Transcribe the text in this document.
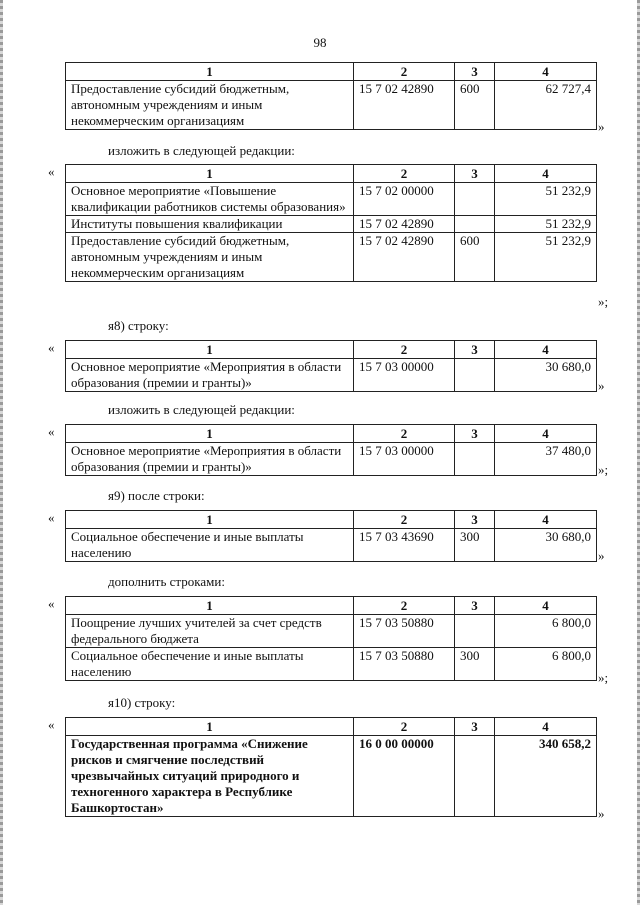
98
1	2	3	4
Предоставление субсидий бюджетным, автономным учреждениям и иным некоммерческим организациям	15 7 02 42890	600	62 727,4
»
изложить в следующей редакции:
«	1	2	3	4
Основное мероприятие «Повышение квалификации работников системы образования»	15 7 02 00000		51 232,9
Институты повышения квалификации	15 7 02 42890		51 232,9
Предоставление субсидий бюджетным, автономным учреждениям и иным некоммерческим организациям	15 7 02 42890	600	51 232,9
»;
я8) строку:
«	1	2	3	4
Основное мероприятие «Мероприятия в области образования (премии и гранты)»	15 7 03 00000		30 680,0
»
изложить в следующей редакции:
«	1	2	3	4
Основное мероприятие «Мероприятия в области образования (премии и гранты)»	15 7 03 00000		37 480,0
»;
я9) после строки:
«	1	2	3	4
Социальное обеспечение и иные выплаты населению	15 7 03 43690	300	30 680,0
»
дополнить строками:
«	1	2	3	4
Поощрение лучших учителей за счет средств федерального бюджета	15 7 03 50880		6 800,0
Социальное обеспечение и иные выплаты населению	15 7 03 50880	300	6 800,0
»;
я10) строку:
«	1	2	3	4
Государственная программа «Снижение рисков и смягчение последствий чрезвычайных ситуаций природного и техногенного характера в Республике Башкортостан»	16 0 00 00000		340 658,2
»
